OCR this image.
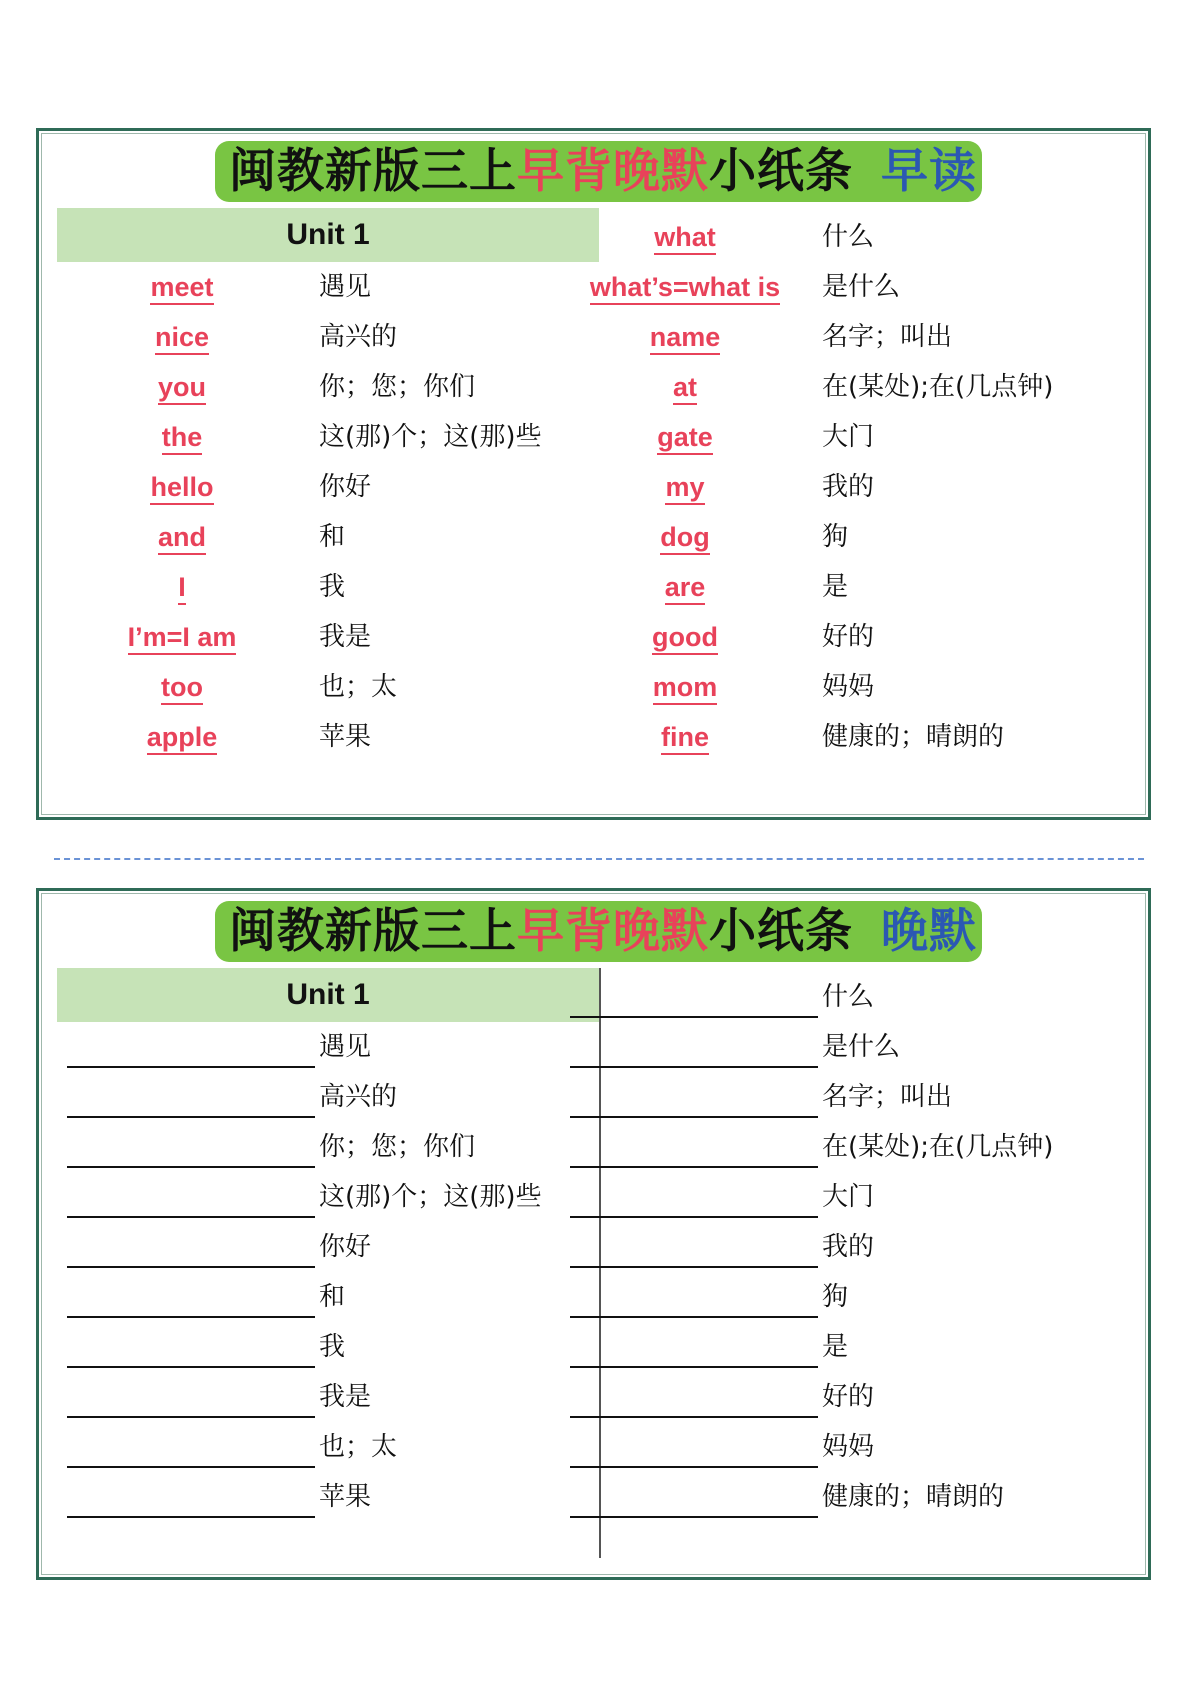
闽教新版三上 早背晚默 小纸条 早读
Unit 1
meet	遇见
nice	高兴的
you	你；您；你们
the	这(那)个；这(那)些
hello	你好
and	和
I	我
I’m=I am	我是
too	也；太
apple	苹果
what	什么
what’s=what is	是什么
name	名字；叫出
at	在(某处);在(几点钟)
gate	大门
my	我的
dog	狗
are	是
good	好的
mom	妈妈
fine	健康的；晴朗的
闽教新版三上 早背晚默 小纸条 晚默
Unit 1
遇见
高兴的
你；您；你们
这(那)个；这(那)些
你好
和
我
我是
也；太
苹果
什么
是什么
名字；叫出
在(某处);在(几点钟)
大门
我的
狗
是
好的
妈妈
健康的；晴朗的
